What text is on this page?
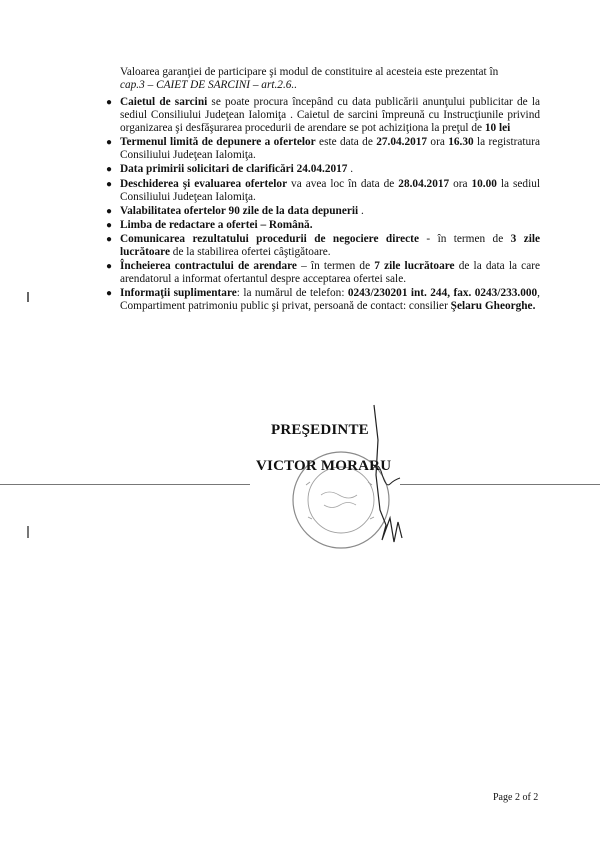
Valoarea garanţiei de participare şi modul de constituire al acesteia este prezentat în
cap.3 – CAIET DE SARCINI – art.2.6..
● Caietul de sarcini se poate procura începând cu data publicării anunţului publicitar de la sediul Consiliului Judeţean Ialomiţa . Caietul de sarcini împreună cu Instrucţiunile privind organizarea şi desfăşurarea procedurii de arendare se pot achiziţiona la preţul de 10 lei
● Termenul limită de depunere a ofertelor este data de 27.04.2017 ora 16.30 la registratura Consiliului Judeţean Ialomiţa.
● Data primirii solicitari de clarificări 24.04.2017 .
● Deschiderea şi evaluarea ofertelor va avea loc în data de 28.04.2017 ora 10.00 la sediul Consiliului Judeţean Ialomiţa.
● Valabilitatea ofertelor 90 zile de la data depunerii .
● Limba de redactare a ofertei – Română.
● Comunicarea rezultatului procedurii de negociere directe - în termen de 3 zile lucrătoare de la stabilirea ofertei câştigătoare.
● Încheierea contractului de arendare – în termen de 7 zile lucrătoare de la data la care arendatorul a informat ofertantul despre acceptarea ofertei sale.
● Informaţii suplimentare: la numărul de telefon: 0243/230201 int. 244, fax. 0243/233.000, Compartiment patrimoniu public şi privat, persoană de contact: consilier Şelaru Gheorghe.
PREŞEDINTE
VICTOR MORARU
Page 2 of 2
